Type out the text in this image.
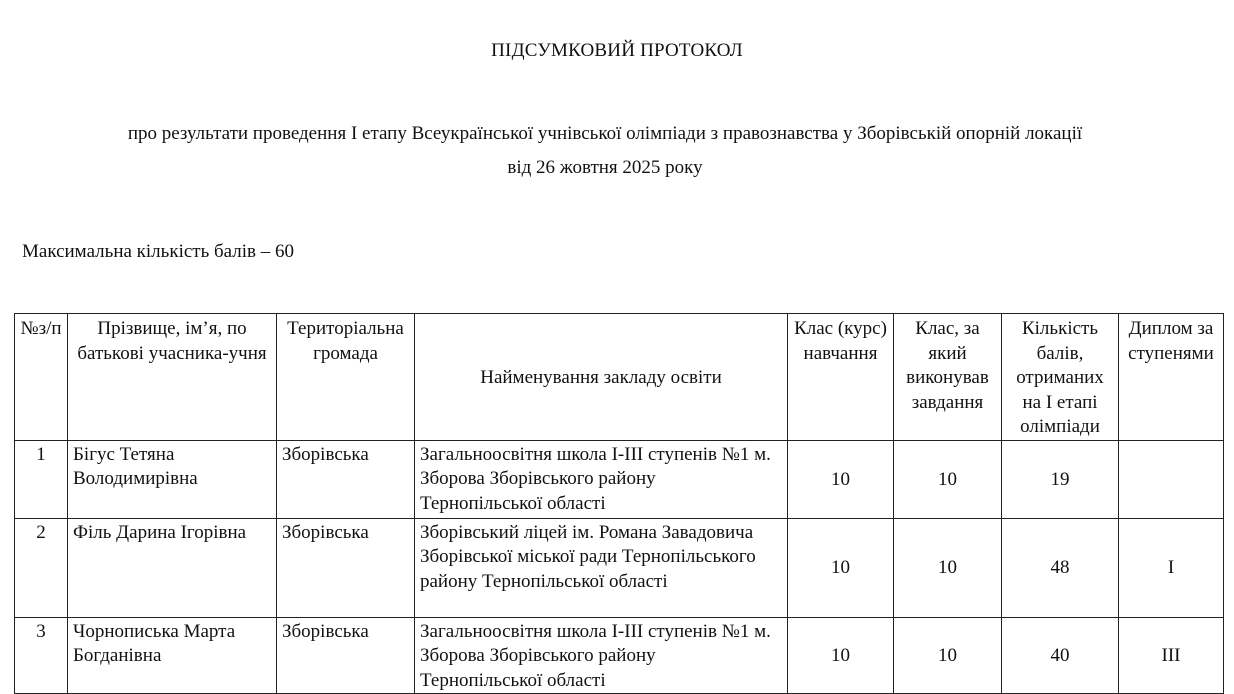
ПІДСУМКОВИЙ ПРОТОКОЛ
про результати проведення І етапу Всеукраїнської учнівської олімпіади з правознавства у Зборівській опорній локації
від 26 жовтня 2025 року
Максимальна кількість балів – 60
№з/п	Прізвище, ім’я, по батькові учасника-учня	Територіальна громада	Найменування закладу освіти	Клас (курс) навчання	Клас, за який виконував завдання	Кількість балів, отриманих на І етапі олімпіади	Диплом за ступенями
1	Бігус Тетяна Володимирівна	Зборівська	Загальноосвітня школа І-ІІІ ступенів №1 м. Зборова Зборівського району Тернопільської області	10	10	19	
2	Філь Дарина Ігорівна	Зборівська	Зборівський ліцей ім. Романа Завадовича Зборівської міської ради Тернопільського району Тернопільської області	10	10	48	І
3	Чорнописька Марта Богданівна	Зборівська	Загальноосвітня школа І-ІІІ ступенів №1 м. Зборова Зборівського району Тернопільської області	10	10	40	ІІІ
